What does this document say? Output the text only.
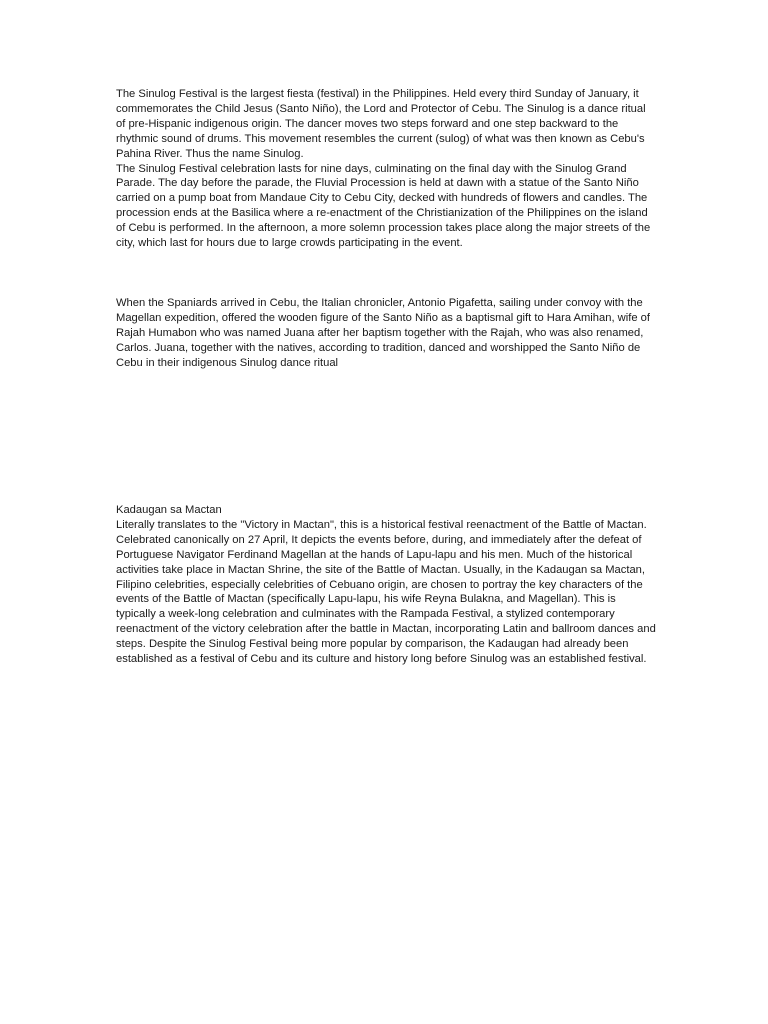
The Sinulog Festival is the largest fiesta (festival) in the Philippines. Held every third Sunday of January, it commemorates the Child Jesus (Santo Niño), the Lord and Protector of Cebu. The Sinulog is a dance ritual of pre-Hispanic indigenous origin. The dancer moves two steps forward and one step backward to the rhythmic sound of drums. This movement resembles the current (sulog) of what was then known as Cebu's Pahina River. Thus the name Sinulog.

The Sinulog Festival celebration lasts for nine days, culminating on the final day with the Sinulog Grand Parade. The day before the parade, the Fluvial Procession is held at dawn with a statue of the Santo Niño carried on a pump boat from Mandaue City to Cebu City, decked with hundreds of flowers and candles. The procession ends at the Basilica where a re-enactment of the Christianization of the Philippines on the island of Cebu is performed. In the afternoon, a more solemn procession takes place along the major streets of the city, which last for hours due to large crowds participating in the event.

When the Spaniards arrived in Cebu, the Italian chronicler, Antonio Pigafetta, sailing under convoy with the Magellan expedition, offered the wooden figure of the Santo Niño as a baptismal gift to Hara Amihan, wife of Rajah Humabon who was named Juana after her baptism together with the Rajah, who was also renamed, Carlos. Juana, together with the natives, according to tradition, danced and worshipped the Santo Niño de Cebu in their indigenous Sinulog dance ritual

Kadaugan sa Mactan

Literally translates to the "Victory in Mactan", this is a historical festival reenactment of the Battle of Mactan. Celebrated canonically on 27 April, It depicts the events before, during, and immediately after the defeat of Portuguese Navigator Ferdinand Magellan at the hands of Lapu-lapu and his men. Much of the historical activities take place in Mactan Shrine, the site of the Battle of Mactan. Usually, in the Kadaugan sa Mactan, Filipino celebrities, especially celebrities of Cebuano origin, are chosen to portray the key characters of the events of the Battle of Mactan (specifically Lapu-lapu, his wife Reyna Bulakna, and Magellan). This is typically a week-long celebration and culminates with the Rampada Festival, a stylized contemporary reenactment of the victory celebration after the battle in Mactan, incorporating Latin and ballroom dances and steps. Despite the Sinulog Festival being more popular by comparison, the Kadaugan had already been established as a festival of Cebu and its culture and history long before Sinulog was an established festival.
